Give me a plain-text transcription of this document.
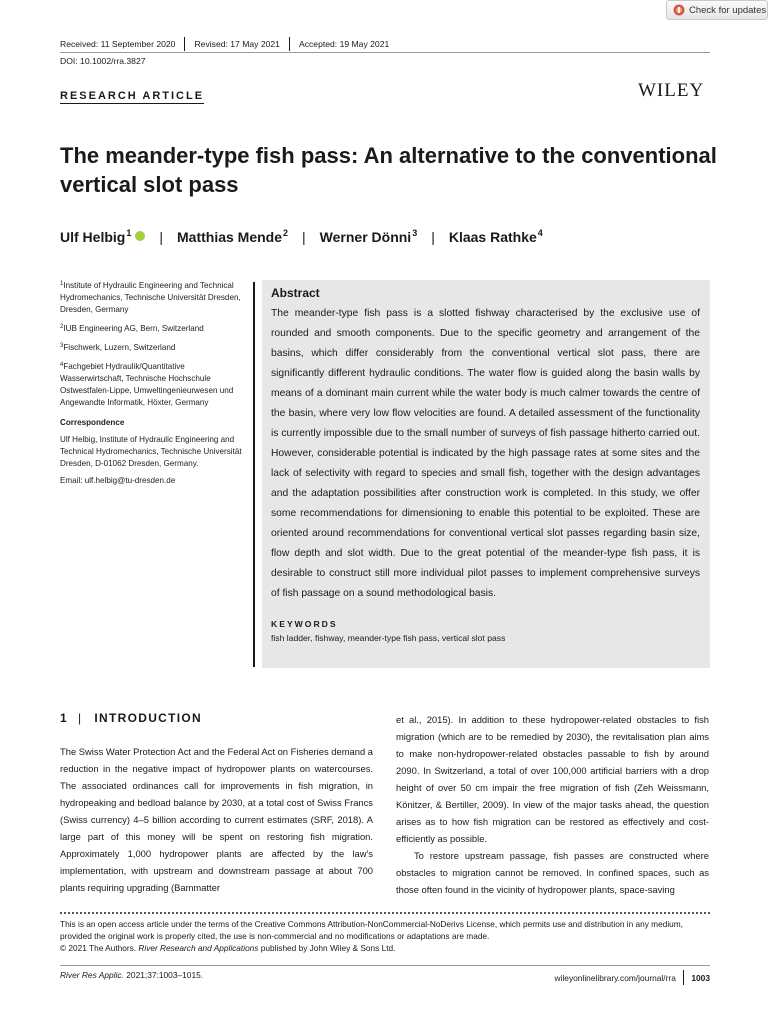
Check for updates
Received: 11 September 2020 Revised: 17 May 2021 Accepted: 19 May 2021
DOI: 10.1002/rra.3827
RESEARCH ARTICLE	WILEY
The meander-type fish pass: An alternative to the conventional vertical slot pass
Ulf Helbig$^1$ | Matthias Mende$^2$ | Werner Dönni$^3$ | Klaas Rathke$^4$

$^1$Institute of Hydraulic Engineering and Technical Hydromechanics, Technische Universität Dresden, Dresden, Germany

$^2$IUB Engineering AG, Bern, Switzerland

$^3$Fischwerk, Luzern, Switzerland

$^4$Fachgebiet Hydraulik/Quantitative Wasserwirtschaft, Technische Hochschule Ostwestfalen-Lippe, Umweltingenieurwesen und Angewandte Informatik, Höxter, Germany

Correspondence

Ulf Helbig, Institute of Hydraulic Engineering and Technical Hydromechanics, Technische Universität Dresden, D-01062 Dresden, Germany.

Email: ulf.helbig@tu-dresden.de

Abstract
The meander-type fish pass is a slotted fishway characterised by the exclusive use of rounded and smooth components. Due to the specific geometry and arrangement of the basins, which differ considerably from the conventional vertical slot pass, there are significantly different hydraulic conditions. The water flow is guided along the basin walls by means of a dominant main current while the water body is much calmer towards the centre of the basin, where very low flow velocities are found. A detailed assessment of the functionality is currently impossible due to the small number of surveys of fish passage hitherto carried out. However, considerable potential is indicated by the high passage rates at some sites and the lack of selectivity with regard to species and small fish, together with the design advantages and the adaptation possibilities after construction work is completed. In this study, we offer some recommendations for dimensioning to enable this potential to be exploited. These are oriented around recommendations for conventional vertical slot passes regarding basin size, flow depth and slot width. Due to the great potential of the meander-type fish pass, it is desirable to construct still more individual pilot passes to implement comprehensive surveys of fish passage on a sound methodological basis.
KEYWORDS
fish ladder, fishway, meander-type fish pass, vertical slot pass
1 | INTRODUCTION

The Swiss Water Protection Act and the Federal Act on Fisheries demand a reduction in the negative impact of hydropower plants on watercourses. The associated ordinances call for improvements in fish migration, in hydropeaking and bedload balance by 2030, at a total cost of Swiss Francs (Swiss currency) 4–5 billion according to current estimates (SRF, 2018). A large part of this money will be spent on restoring fish migration. Approximately 1,000 hydropower plants are affected by the law's implementation, with upstream and downstream passage at about 700 plants requiring upgrading (Bammatter

et al., 2015). In addition to these hydropower-related obstacles to fish migration (which are to be remedied by 2030), the revitalisation plan aims to make non-hydropower-related obstacles passable to fish by around 2090. In Switzerland, a total of over 100,000 artificial barriers with a drop height of over 50 cm impair the free migration of fish (Zeh Weissmann, Könitzer, & Bertiller, 2009). In view of the major tasks ahead, the question arises as to how fish migration can be restored as effectively and cost-efficiently as possible.

To restore upstream passage, fish passes are constructed where obstacles to migration cannot be removed. In confined spaces, such as those often found in the vicinity of hydropower plants, space-saving

This is an open access article under the terms of the Creative Commons Attribution-NonCommercial-NoDerivs License, which permits use and distribution in any medium, provided the original work is properly cited, the use is non-commercial and no modifications or adaptations are made.

© 2021 The Authors. River Research and Applications published by John Wiley & Sons Ltd.

River Res Applic. 2021;37:1003–1015.	wileyonlinelibrary.com/journal/rra 1003
